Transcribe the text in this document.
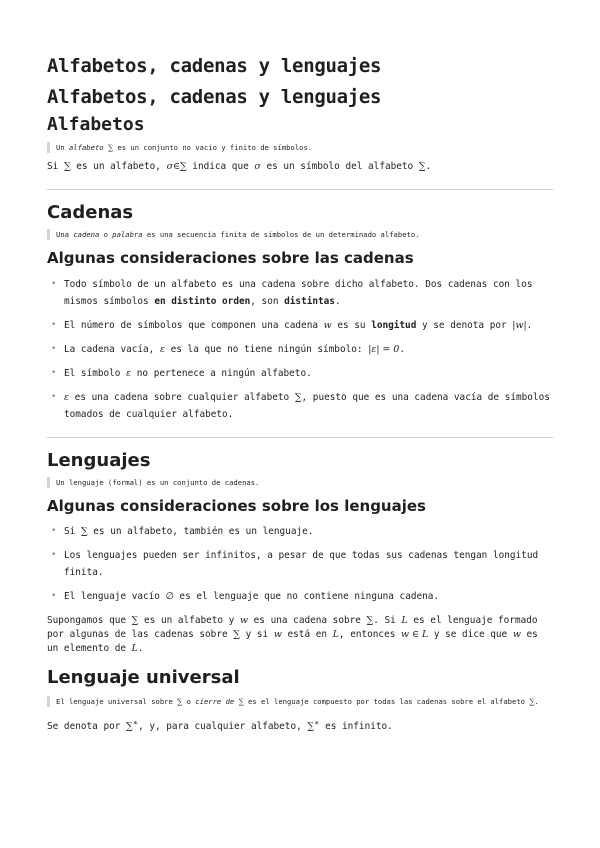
Alfabetos, cadenas y lenguajes
Alfabetos, cadenas y lenguajes
Alfabetos
Un alfabeto ∑ es un conjunto no vacío y finito de símbolos.

Si ∑ es un alfabeto, σ∈∑ indica que σ es un símbolo del alfabeto ∑.

Cadenas
Una cadena o palabra es una secuencia finita de símbolos de un determinado alfabeto.
Algunas consideraciones sobre las cadenas
• Todo símbolo de un alfabeto es una cadena sobre dicho alfabeto. Dos cadenas con los mismos símbolos en distinto orden, son distintas.
• El número de símbolos que componen una cadena w es su longitud y se denota por |w|.
• La cadena vacía, ε es la que no tiene ningún símbolo: |ε| = 0.
• El símbolo ε no pertenece a ningún alfabeto.
• ε es una cadena sobre cualquier alfabeto ∑, puesto que es una cadena vacía de símbolos tomados de cualquier alfabeto.
Lenguajes
Un lenguaje (formal) es un conjunto de cadenas.
Algunas consideraciones sobre los lenguajes
• Si ∑ es un alfabeto, también es un lenguaje.
• Los lenguajes pueden ser infinitos, a pesar de que todas sus cadenas tengan longitud finita.
• El lenguaje vacío ∅ es el lenguaje que no contiene ninguna cadena.

Supongamos que ∑ es un alfabeto y w es una cadena sobre ∑. Si L es el lenguaje formado por algunas de las cadenas sobre ∑ y si w está en L, entonces w ∈ L y se dice que w es un elemento de L.

Lenguaje universal
El lenguaje universal sobre ∑ o cierre de ∑ es el lenguaje compuesto por todas las cadenas sobre el alfabeto ∑.

Se denota por ∑∗, y, para cualquier alfabeto, ∑∗ es infinito.
